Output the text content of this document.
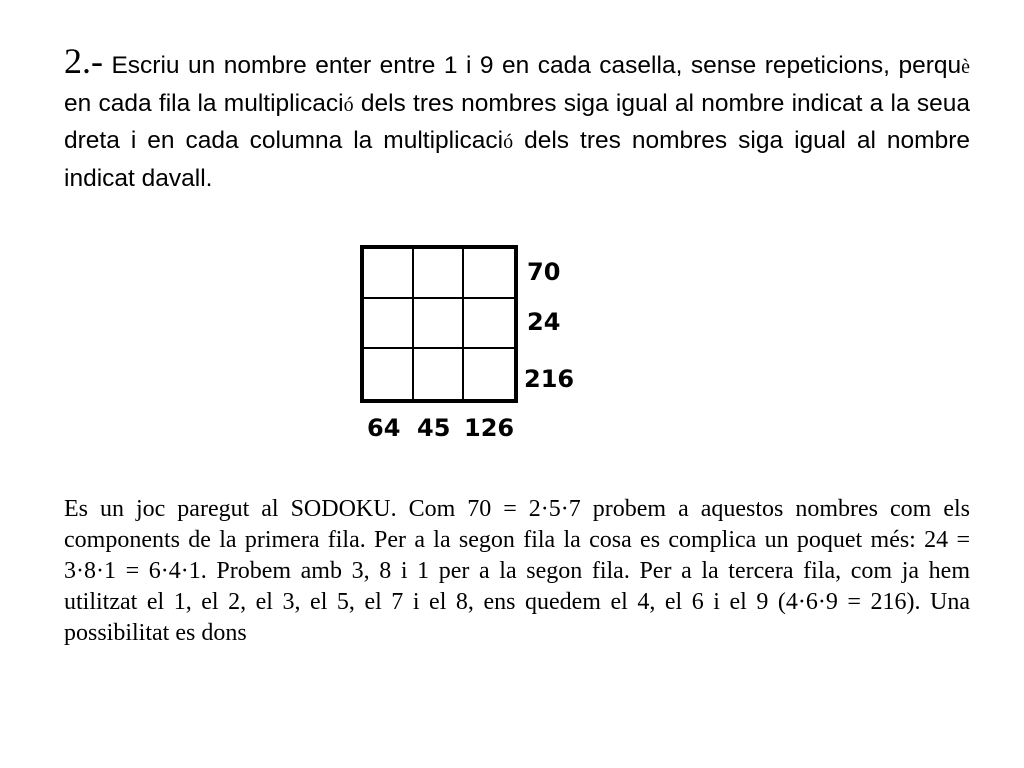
2.- Escriu un nombre enter entre 1 i 9 en cada casella, sense repeticions, perquè en cada fila la multiplicació dels tres nombres siga igual al nombre indicat a la seua dreta i en cada columna la multiplicació dels tres nombres siga igual al nombre indicat davall.

70
24
216
64 45 126

Es un joc paregut al SODOKU. Com 70 = 2·5·7 probem a aquestos nombres com els components de la primera fila. Per a la segon fila la cosa es complica un poquet més: 24 = 3·8·1 = 6·4·1. Probem amb 3, 8 i 1 per a la segon fila. Per a la tercera fila, com ja hem utilitzat el 1, el 2, el 3, el 5, el 7 i el 8, ens quedem el 4, el 6 i el 9 (4·6·9 = 216). Una possibilitat es dons
